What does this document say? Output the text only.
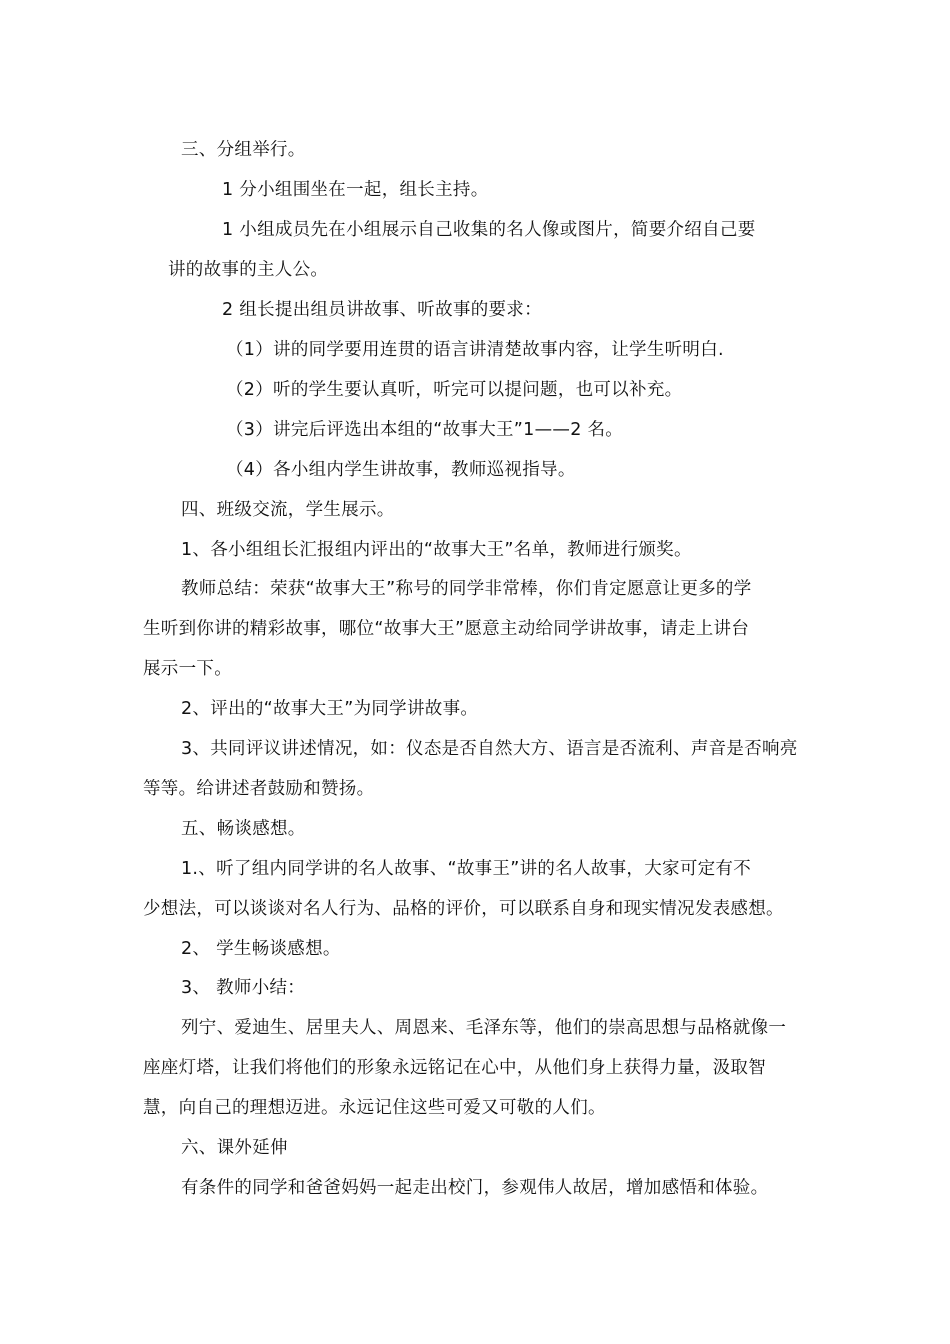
三、分组举行。
1 分小组围坐在一起，组长主持。
1 小组成员先在小组展示自己收集的名人像或图片，简要介绍自己要
讲的故事的主人公。
2 组长提出组员讲故事、听故事的要求：
（1）讲的同学要用连贯的语言讲清楚故事内容，让学生听明白.
（2）听的学生要认真听，听完可以提问题，也可以补充。
（3）讲完后评选出本组的“故事大王”1——2 名。
（4）各小组内学生讲故事，教师巡视指导。
四、班级交流，学生展示。
1、各小组组长汇报组内评出的“故事大王”名单，教师进行颁奖。
教师总结：荣获“故事大王”称号的同学非常棒，你们肯定愿意让更多的学
生听到你讲的精彩故事，哪位“故事大王”愿意主动给同学讲故事，请走上讲台
展示一下。
2、评出的“故事大王”为同学讲故事。
3、共同评议讲述情况，如：仪态是否自然大方、语言是否流利、声音是否响亮
等等。给讲述者鼓励和赞扬。
五、畅谈感想。
1.、听了组内同学讲的名人故事、“故事王”讲的名人故事，大家可定有不
少想法，可以谈谈对名人行为、品格的评价，可以联系自身和现实情况发表感想。
2、 学生畅谈感想。
3、 教师小结：
列宁、爱迪生、居里夫人、周恩来、毛泽东等，他们的崇高思想与品格就像一
座座灯塔，让我们将他们的形象永远铭记在心中，从他们身上获得力量，汲取智
慧，向自己的理想迈进。永远记住这些可爱又可敬的人们。
六、课外延伸
有条件的同学和爸爸妈妈一起走出校门，参观伟人故居，增加感悟和体验。
